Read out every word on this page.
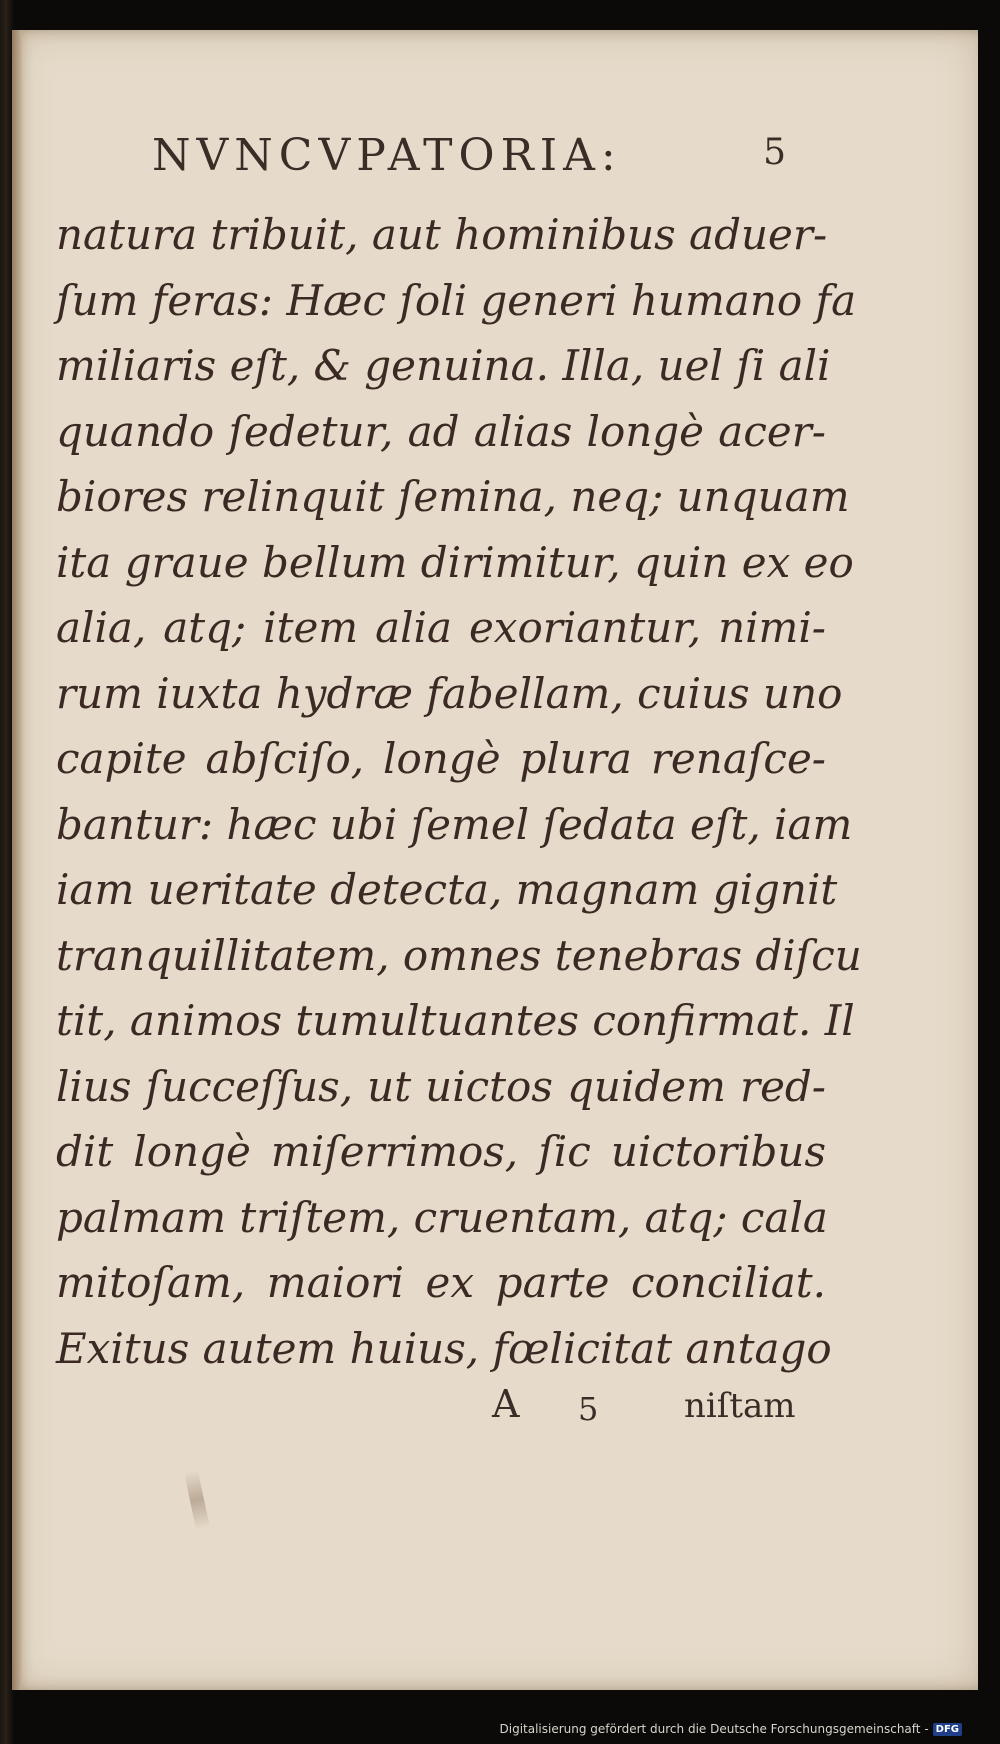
NVNCVPATORIA:	5
natura tribuit, aut hominibus aduer-
ſum feras: Hæc ſoli generi humano fa
miliaris eſt, & genuina. Illa, uel ſi ali
quando ſedetur, ad alias longè acer-
biores relinquit ſemina, neq; unquam
ita graue bellum dirimitur, quin ex eo
alia, atq; item alia exoriantur, nimi-
rum iuxta hydræ fabellam, cuius uno
capite abſciſo, longè plura renaſce-
bantur: hæc ubi ſemel ſedata eſt, iam
iam ueritate detecta, magnam gignit
tranquillitatem, omnes tenebras diſcu
tit, animos tumultuantes confirmat. Il
lius ſucceſſus, ut uictos quidem red-
dit longè miſerrimos, ſic uictoribus
palmam triſtem, cruentam, atq; cala
mitoſam, maiori ex parte conciliat.
Exitus autem huius, fœlicitat antago
A 5	niſtam
Digitalisierung gefördert durch die Deutsche Forschungsgemeinschaft - DFG
